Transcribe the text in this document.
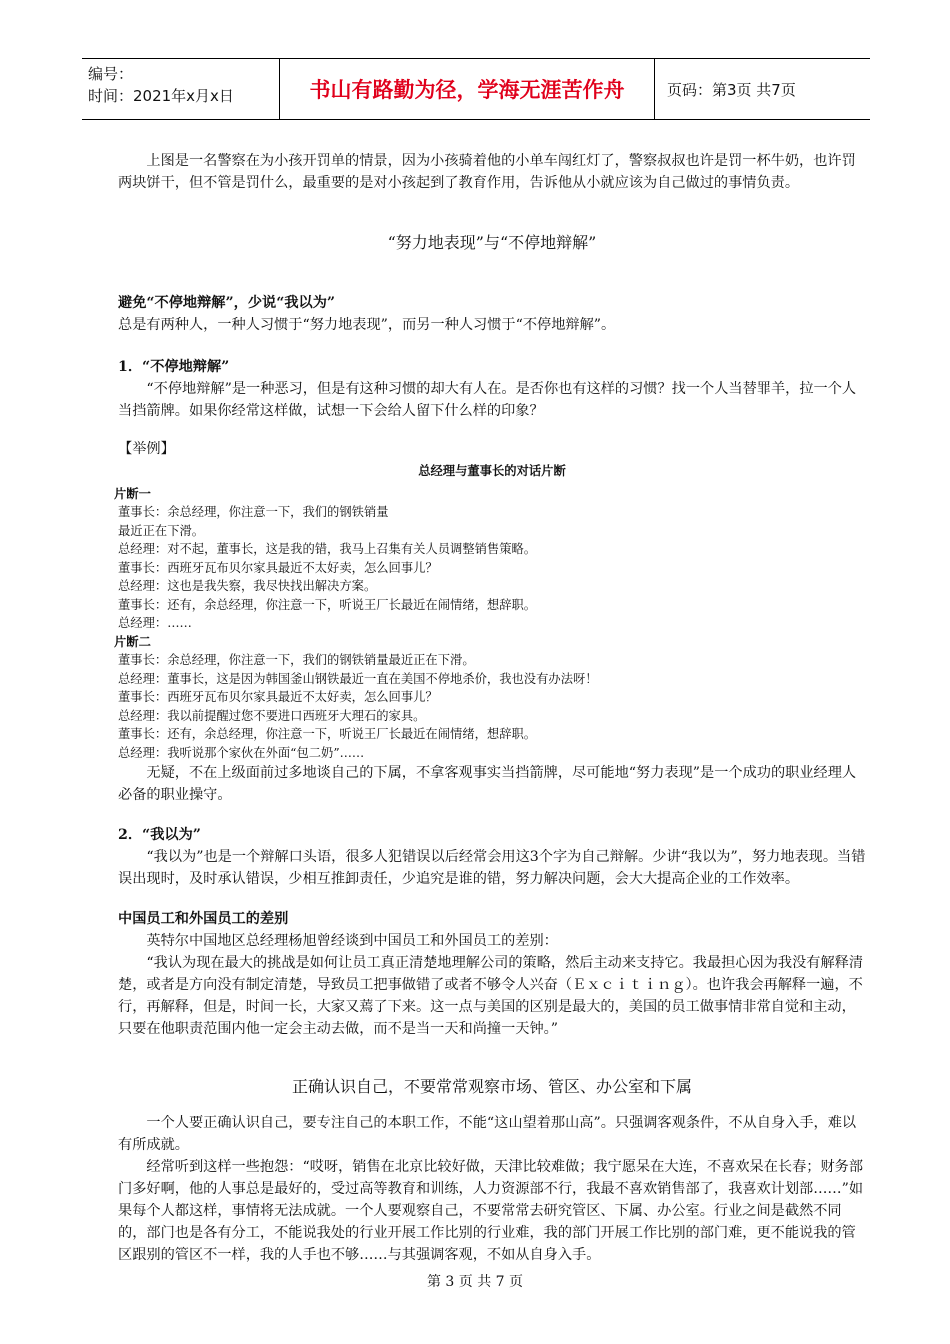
编号：
时间：2021年x月x日	书山有路勤为径，学海无涯苦作舟	页码：第3页 共7页

上图是一名警察在为小孩开罚单的情景，因为小孩骑着他的小单车闯红灯了，警察叔叔也许是罚一杯牛奶，也许罚两块饼干，但不管是罚什么，最重要的是对小孩起到了教育作用，告诉他从小就应该为自己做过的事情负责。

“努力地表现”与“不停地辩解”

避免“不停地辩解”，少说“我以为”

总是有两种人，一种人习惯于“努力地表现”，而另一种人习惯于“不停地辩解”。

1．“不停地辩解”

“不停地辩解”是一种恶习，但是有这种习惯的却大有人在。是否你也有这样的习惯？找一个人当替罪羊，拉一个人当挡箭牌。如果你经常这样做，试想一下会给人留下什么样的印象？

【举例】

总经理与董事长的对话片断

片断一

董事长：余总经理，你注意一下，我们的钢铁销量

最近正在下滑。

总经理：对不起，董事长，这是我的错，我马上召集有关人员调整销售策略。

董事长：西班牙瓦布贝尔家具最近不太好卖，怎么回事儿？

总经理：这也是我失察，我尽快找出解决方案。

董事长：还有，余总经理，你注意一下，听说王厂长最近在闹情绪，想辞职。

总经理：……

片断二

董事长：余总经理，你注意一下，我们的钢铁销量最近正在下滑。

总经理：董事长，这是因为韩国釜山钢铁最近一直在美国不停地杀价，我也没有办法呀！

董事长：西班牙瓦布贝尔家具最近不太好卖，怎么回事儿？

总经理：我以前提醒过您不要进口西班牙大理石的家具。

董事长：还有，余总经理，你注意一下，听说王厂长最近在闹情绪，想辞职。

总经理：我听说那个家伙在外面“包二奶”……

无疑，不在上级面前过多地谈自己的下属，不拿客观事实当挡箭牌，尽可能地“努力表现”是一个成功的职业经理人必备的职业操守。

2．“我以为”

“我以为”也是一个辩解口头语，很多人犯错误以后经常会用这3个字为自己辩解。少讲“我以为”，努力地表现。当错误出现时，及时承认错误，少相互推卸责任，少追究是谁的错，努力解决问题，会大大提高企业的工作效率。

中国员工和外国员工的差别

英特尔中国地区总经理杨旭曾经谈到中国员工和外国员工的差别：

“我认为现在最大的挑战是如何让员工真正清楚地理解公司的策略，然后主动来支持它。我最担心因为我没有解释清楚，或者是方向没有制定清楚，导致员工把事做错了或者不够令人兴奋（Ｅｘｃｉｔｉｎｇ）。也许我会再解释一遍，不行，再解释，但是，时间一长，大家又蔫了下来。这一点与美国的区别是最大的，美国的员工做事情非常自觉和主动，只要在他职责范围内他一定会主动去做，而不是当一天和尚撞一天钟。”

正确认识自己，不要常常观察市场、管区、办公室和下属

一个人要正确认识自己，要专注自己的本职工作，不能“这山望着那山高”。只强调客观条件，不从自身入手，难以有所成就。

经常听到这样一些抱怨：“哎呀，销售在北京比较好做，天津比较难做；我宁愿呆在大连，不喜欢呆在长春；财务部门多好啊，他的人事总是最好的，受过高等教育和训练，人力资源部不行，我最不喜欢销售部了，我喜欢计划部……”如果每个人都这样，事情将无法成就。一个人要观察自己，不要常常去研究管区、下属、办公室。行业之间是截然不同的，部门也是各有分工，不能说我处的行业开展工作比别的行业难，我的部门开展工作比别的部门难，更不能说我的管区跟别的管区不一样，我的人手也不够……与其强调客观，不如从自身入手。

第 3 页 共 7 页
